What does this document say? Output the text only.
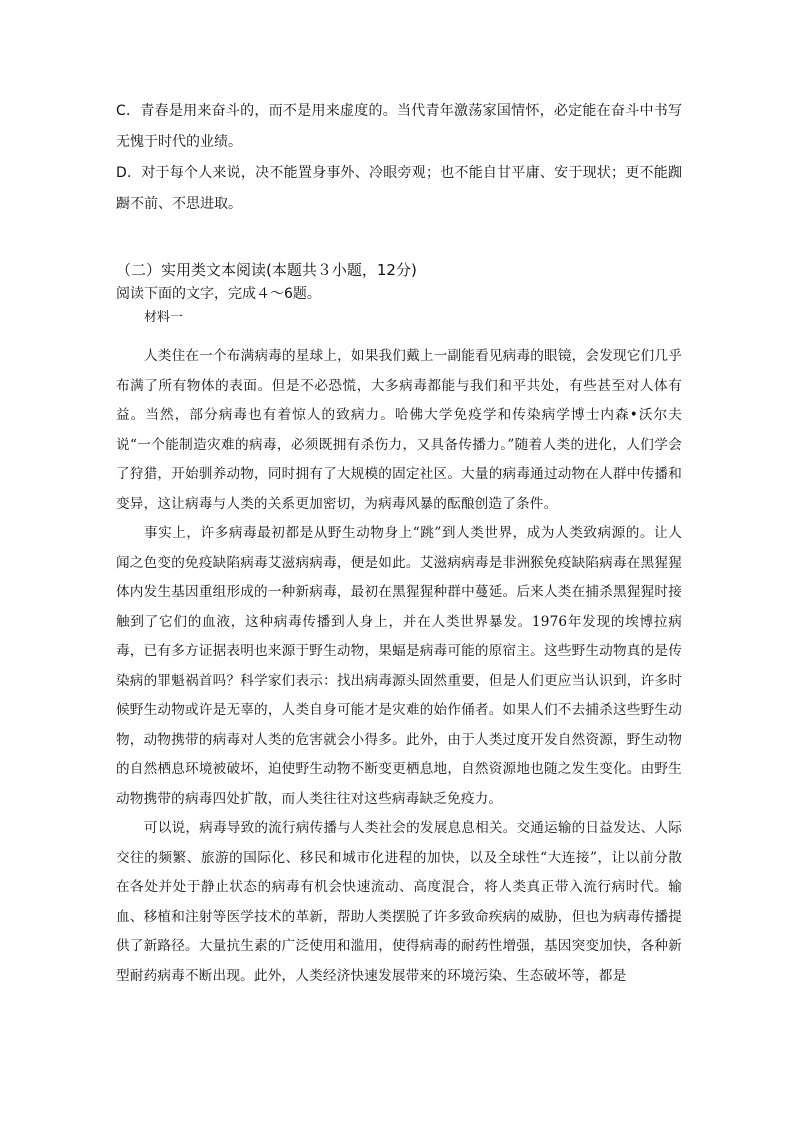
C．青春是用来奋斗的，而不是用来虚度的。当代青年激荡家国情怀，必定能在奋斗中书写无愧于时代的业绩。

D．对于每个人来说，决不能置身事外、冷眼旁观；也不能自甘平庸、安于现状；更不能踟蹰不前、不思进取。

（二）实用类文本阅读(本题共３小题，12分)

阅读下面的文字，完成４～6题。

材料一

人类住在一个布满病毒的星球上，如果我们戴上一副能看见病毒的眼镜，会发现它们几乎布满了所有物体的表面。但是不必恐慌，大多病毒都能与我们和平共处，有些甚至对人体有益。当然，部分病毒也有着惊人的致病力。哈佛大学免疫学和传染病学博士内森•沃尔夫说“一个能制造灾难的病毒，必须既拥有杀伤力，又具备传播力。”随着人类的进化，人们学会了狩猎，开始驯养动物，同时拥有了大规模的固定社区。大量的病毒通过动物在人群中传播和变异，这让病毒与人类的关系更加密切，为病毒风暴的酝酿创造了条件。

事实上，许多病毒最初都是从野生动物身上“跳”到人类世界，成为人类致病源的。让人闻之色变的免疫缺陷病毒艾滋病病毒，便是如此。艾滋病病毒是非洲猴免疫缺陷病毒在黑猩猩体内发生基因重组形成的一种新病毒，最初在黑猩猩种群中蔓延。后来人类在捕杀黑猩猩时接触到了它们的血液，这种病毒传播到人身上，并在人类世界暴发。1976年发现的埃博拉病毒，已有多方证据表明也来源于野生动物，果蝠是病毒可能的原宿主。这些野生动物真的是传染病的罪魁祸首吗？科学家们表示：找出病毒源头固然重要，但是人们更应当认识到，许多时候野生动物或许是无辜的，人类自身可能才是灾难的始作俑者。如果人们不去捕杀这些野生动物，动物携带的病毒对人类的危害就会小得多。此外，由于人类过度开发自然资源，野生动物的自然栖息环境被破坏，迫使野生动物不断变更栖息地，自然资源地也随之发生变化。由野生动物携带的病毒四处扩散，而人类往往对这些病毒缺乏免疫力。

可以说，病毒导致的流行病传播与人类社会的发展息息相关。交通运输的日益发达、人际交往的频繁、旅游的国际化、移民和城市化进程的加快，以及全球性“大连接”，让以前分散在各处并处于静止状态的病毒有机会快速流动、高度混合，将人类真正带入流行病时代。输血、移植和注射等医学技术的革新，帮助人类摆脱了许多致命疾病的威胁，但也为病毒传播提供了新路径。大量抗生素的广泛使用和滥用，使得病毒的耐药性增强，基因突变加快，各种新型耐药病毒不断出现。此外，人类经济快速发展带来的环境污染、生态破坏等，都是
